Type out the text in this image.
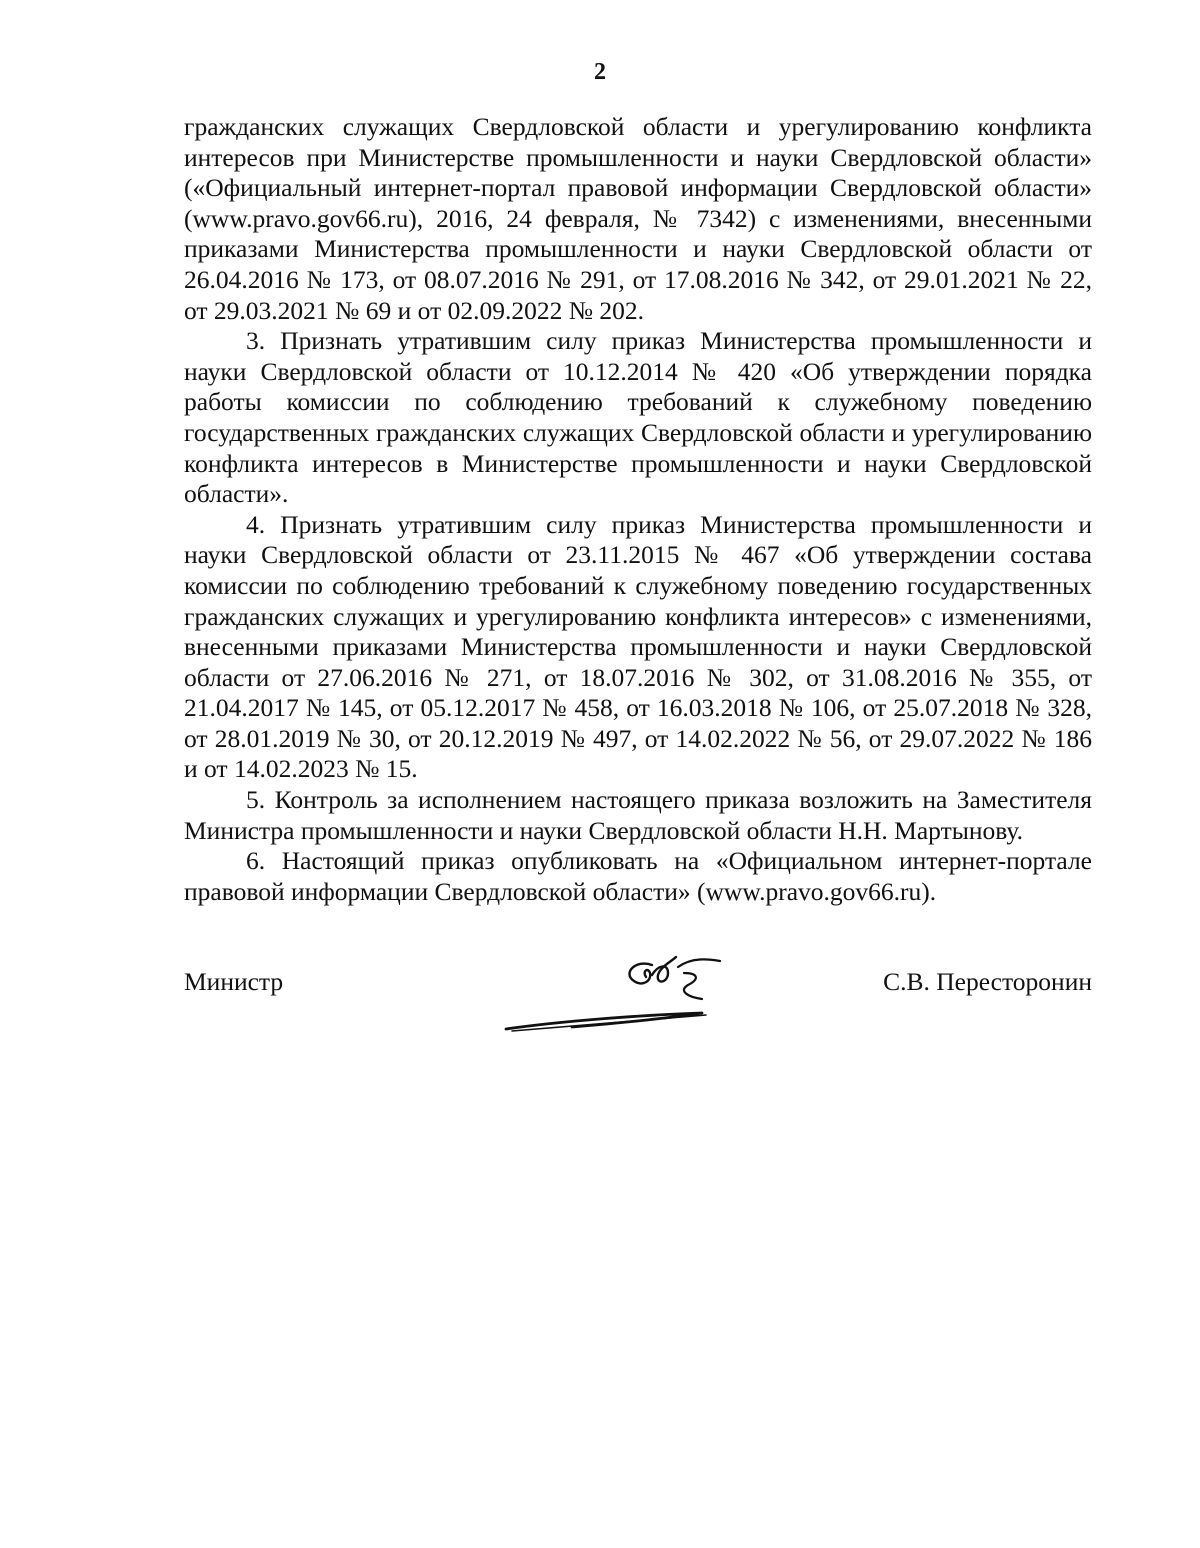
2

гражданских служащих Свердловской области и урегулированию конфликта интересов при Министерстве промышленности и науки Свердловской области» («Официальный интернет-портал правовой информации Свердловской области» (www.pravo.gov66.ru), 2016, 24 февраля, № 7342) с изменениями, внесенными приказами Министерства промышленности и науки Свердловской области от 26.04.2016 № 173, от 08.07.2016 № 291, от 17.08.2016 № 342, от 29.01.2021 № 22, от 29.03.2021 № 69 и от 02.09.2022 № 202.

3. Признать утратившим силу приказ Министерства промышленности и науки Свердловской области от 10.12.2014 № 420 «Об утверждении порядка работы комиссии по соблюдению требований к служебному поведению государственных гражданских служащих Свердловской области и урегулированию конфликта интересов в Министерстве промышленности и науки Свердловской области».

4. Признать утратившим силу приказ Министерства промышленности и науки Свердловской области от 23.11.2015 № 467 «Об утверждении состава комиссии по соблюдению требований к служебному поведению государственных гражданских служащих и урегулированию конфликта интересов» с изменениями, внесенными приказами Министерства промышленности и науки Свердловской области от 27.06.2016 № 271, от 18.07.2016 № 302, от 31.08.2016 № 355, от 21.04.2017 № 145, от 05.12.2017 № 458, от 16.03.2018 № 106, от 25.07.2018 № 328, от 28.01.2019 № 30, от 20.12.2019 № 497, от 14.02.2022 № 56, от 29.07.2022 № 186 и от 14.02.2023 № 15.

5. Контроль за исполнением настоящего приказа возложить на Заместителя Министра промышленности и науки Свердловской области Н.Н. Мартынову.

6. Настоящий приказ опубликовать на «Официальном интернет-портале правовой информации Свердловской области» (www.pravo.gov66.ru).

Министр	С.В. Пересторонин
